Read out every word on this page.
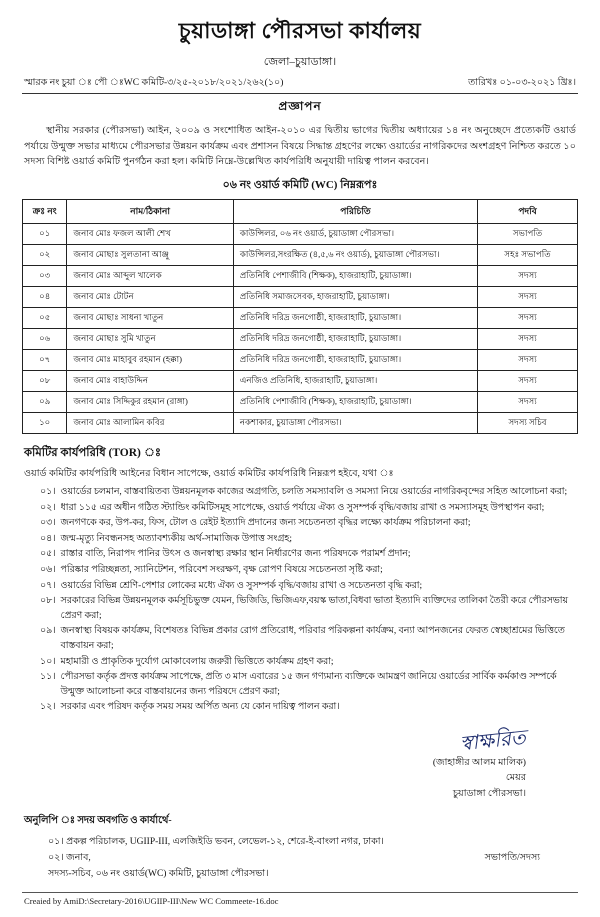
চুয়াডাঙ্গা পৌরসভা কার্যালয়
জেলা–চুয়াডাঙ্গা।
স্মারক নং চুয়া ঃ পৌ ঃWC কমিটি-৩/২৫-২০১৮/২০২১/২৬২(১০)	তারিখঃ ০১-০৩-২০২১ খ্রিঃ।
প্রজ্ঞাপন

স্থানীয় সরকার (পৌরসভা) আইন, ২০০৯ ও সংশোধিত আইন-২০১০ এর দ্বিতীয় ভাগের দ্বিতীয় অধ্যায়ের ১৪ নং অনুচ্ছেদে প্রত্যেকটি ওয়ার্ড পর্যায়ে উন্মুক্ত সভার মাধ্যমে পৌরসভার উন্নয়ন কার্যক্রম এবং প্রশাসন বিষয়ে সিদ্ধান্ত গ্রহণের লক্ষ্যে ওয়ার্ডের নাগরিকদের অংশগ্রহণ নিশ্চিত করতে ১০ সদস্য বিশিষ্ট ওয়ার্ড কমিটি পুনর্গঠন করা হল। কমিটি নিম্নে-উল্লেখিত কার্যপরিধি অনুযায়ী দায়িত্ব পালন করবেন।

০৬ নং ওয়ার্ড কমিটি (WC) নিম্নরূপঃ
ক্রঃ নং	নাম/ঠিকানা	পরিচিতি	পদবি
০১	জনাব মোঃ ফজল আলী শেখ	কাউন্সিলর, ০৬ নং ওয়ার্ড, চুয়াডাঙ্গা পৌরসভা।	সভাপতি
০২	জনাব মোছাঃ সুলতানা আঞ্জু	কাউন্সিলর,সংরক্ষিত (৪,৫,৬ নং ওয়ার্ড), চুয়াডাঙ্গা পৌরসভা।	সহঃ সভাপতি
০৩	জনাব মোঃ আব্দুল খালেক	প্রতিনিধি পেশাজীবি (শিক্ষক), হাজরাহাটি, চুয়াডাঙ্গা।	সদস্য
০৪	জনাব মোঃ টোটন	প্রতিনিধি সমাজসেবক, হাজরাহাটি, চুয়াডাঙ্গা।	সদস্য
০৫	জনাব মোছাঃ সাধনা খাতুন	প্রতিনিধি দরিদ্র জনগোষ্ঠী, হাজরাহাটি, চুয়াডাঙ্গা।	সদস্য
০৬	জনাব মোছাঃ সুমি খাতুন	প্রতিনিধি দরিদ্র জনগোষ্ঠী, হাজরাহাটি, চুয়াডাঙ্গা।	সদস্য
০৭	জনাব মোঃ মাহাবুব রহমান (হক্কা)	প্রতিনিধি দরিদ্র জনগোষ্ঠী, হাজরাহাটি, চুয়াডাঙ্গা।	সদস্য
০৮	জনাব মোঃ বাহাউদ্দিন	এনজিও প্রতিনিধি, হাজরাহাটি, চুয়াডাঙ্গা।	সদস্য
০৯	জনাব মোঃ সিদ্দিকুর রহমান (রাঙ্গা)	প্রতিনিধি পেশাজীবি (শিক্ষক), হাজরাহাটি, চুয়াডাঙ্গা।	সদস্য
১০	জনাব মোঃ আলামিন কবির	নকশাকার, চুয়াডাঙ্গা পৌরসভা।	সদস্য সচিব
কমিটির কার্যপরিধি (TOR) ঃ
ওয়ার্ড কমিটির কার্যপরিধি আইনের বিধান সাপেক্ষে, ওয়ার্ড কমিটির কার্যপরিধি নিম্নরূপ হইবে, যথা ঃ
০১। ওয়ার্ডের চলমান, বাস্তবায়িতব্য উন্নয়নমূলক কাজের অগ্রগতি, চলতি সমস্যাবলি ও সমস্যা নিয়ে ওয়ার্ডের নাগরিকবৃন্দের সহিত আলোচনা করা;
০২। ধারা ১১৫ এর অধীন গঠিত স্ট্যান্ডিং কমিটিসমূহ সাপেক্ষে, ওয়ার্ড পর্যায়ে ঐক্য ও সুসম্পর্ক বৃদ্ধি/বজায় রাখা ও সমস্যাসমূহ উপস্থাপন করা;
০৩। জনগণকে কর, উপ-কর, ফিস, টোল ও রেইট ইত্যাদি প্রদানের জন্য সচেতনতা বৃদ্ধির লক্ষ্যে কার্যক্রম পরিচালনা করা;
০৪। জন্ম-মৃত্যু নিবন্ধনসহ অত্যাবশ্যকীয় অর্থ-সামাজিক উপাত্ত সংগ্রহ;
০৫। রাস্তার বাতি, নিরাপদ পানির উৎস ও জনস্বাস্থ্য রক্ষার স্থান নির্ধারণের জন্য পরিষদকে পরামর্শ প্রদান;
০৬। পরিষ্কার পরিচ্ছন্নতা, স্যানিটেশন, পরিবেশ সংরক্ষণ, বৃক্ষ রোপণ বিষয়ে সচেতনতা সৃষ্টি করা;
০৭। ওয়ার্ডের বিভিন্ন শ্রেণি-পেশার লোকের মধ্যে ঐক্য ও সুসম্পর্ক বৃদ্ধি/বজায় রাখা ও সচেতনতা বৃদ্ধি করা;
০৮। সরকারের বিভিন্ন উন্নয়নমূলক কর্মসূচিভুক্ত যেমন, ভিজিডি, ভিজিএফ,বয়স্ক ভাতা,বিধবা ভাতা ইত্যাদি ব্যক্তিদের তালিকা তৈরী করে পৌরসভায় প্রেরণ করা;
০৯। জনস্বাস্থ্য বিষয়ক কার্যক্রম, বিশেষতঃ বিভিন্ন প্রকার রোগ প্রতিরোধ, পরিবার পরিকল্পনা কার্যক্রম, বন্যা আপনজনের ফেরত স্বেচ্ছাশ্রমের ভিত্তিতে বাস্তবায়ন করা;
১০। মহামারী ও প্রাকৃতিক দুর্যোগ মোকাবেলায় জরুরী ভিত্তিতে কার্যক্রম গ্রহণ করা;
১১। পৌরসভা কর্তৃক প্রদত্ত কার্যক্রম সাপেক্ষে, প্রতি ৩ মাস এবারের ১৫ জন গণ্যমান্য ব্যক্তিকে আমন্ত্রণ জানিয়ে ওয়ার্ডের সার্বিক কর্মকাণ্ড সম্পর্কে উন্মুক্ত আলোচনা করে বাস্তবায়নের জন্য পরিষদে প্রেরণ করা;
১২। সরকার এবং পরিষদ কর্তৃক সময় সময় অর্পিত অন্য যে কোন দায়িত্ব পালন করা।
স্বাক্ষরিত
(জাহাঙ্গীর আলম মালিক)
মেয়র
চুয়াডাঙ্গা পৌরসভা।
অনুলিপি ঃ সদয় অবগতি ও কার্যার্থে-
০১। প্রকল্প পরিচালক, UGIIP-III, এলজিইডি ভবন, লেভেল-১২, শেরে-ই-বাংলা নগর, ঢাকা।
০২। জনাব,	সভাপতি/সদস্য
সদস্য-সচিব, ০৬ নং ওয়ার্ড(WC) কমিটি, চুয়াডাঙ্গা পৌরসভা।
Creaied by AmiD:\Secretary-2016\UGIIP-III\New WC Commeete-16.doc
